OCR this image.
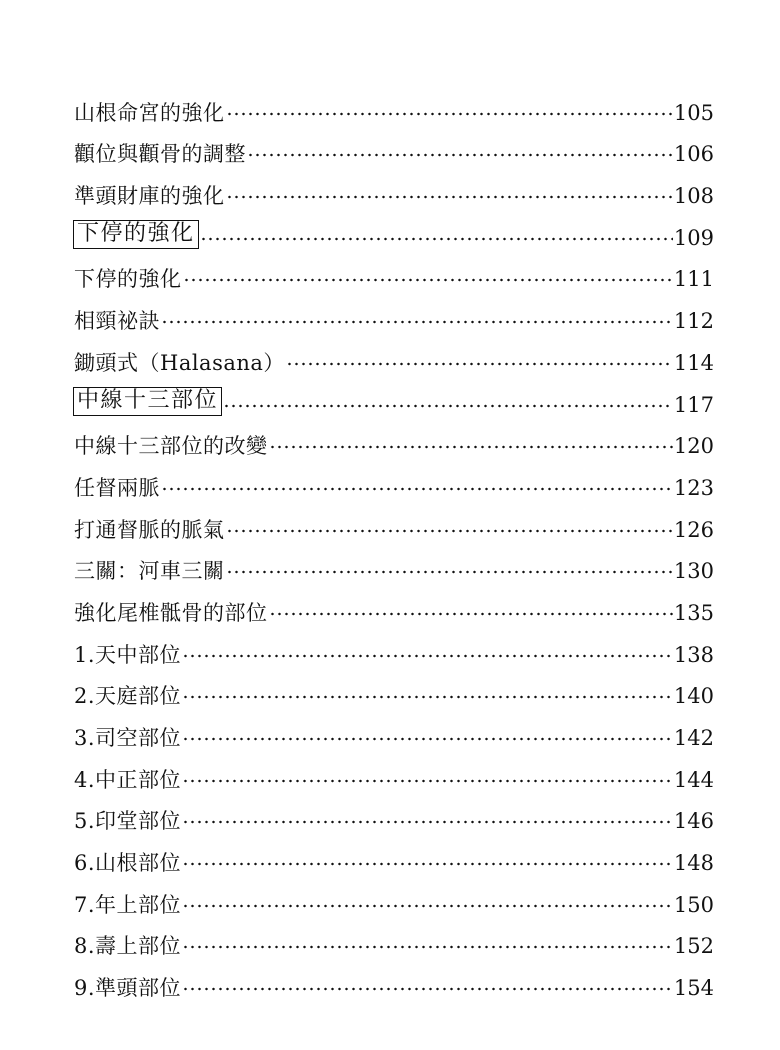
山根命宮的強化	105
顴位與顴骨的調整	106
準頭財庫的強化	108
下停的強化	109
下停的強化	111
相頸祕訣	112
鋤頭式（Halasana）	114
中線十三部位	117
中線十三部位的改變	120
任督兩脈	123
打通督脈的脈氣	126
三關：河車三關	130
強化尾椎骶骨的部位	135
1.天中部位	138
2.天庭部位	140
3.司空部位	142
4.中正部位	144
5.印堂部位	146
6.山根部位	148
7.年上部位	150
8.壽上部位	152
9.準頭部位	154
